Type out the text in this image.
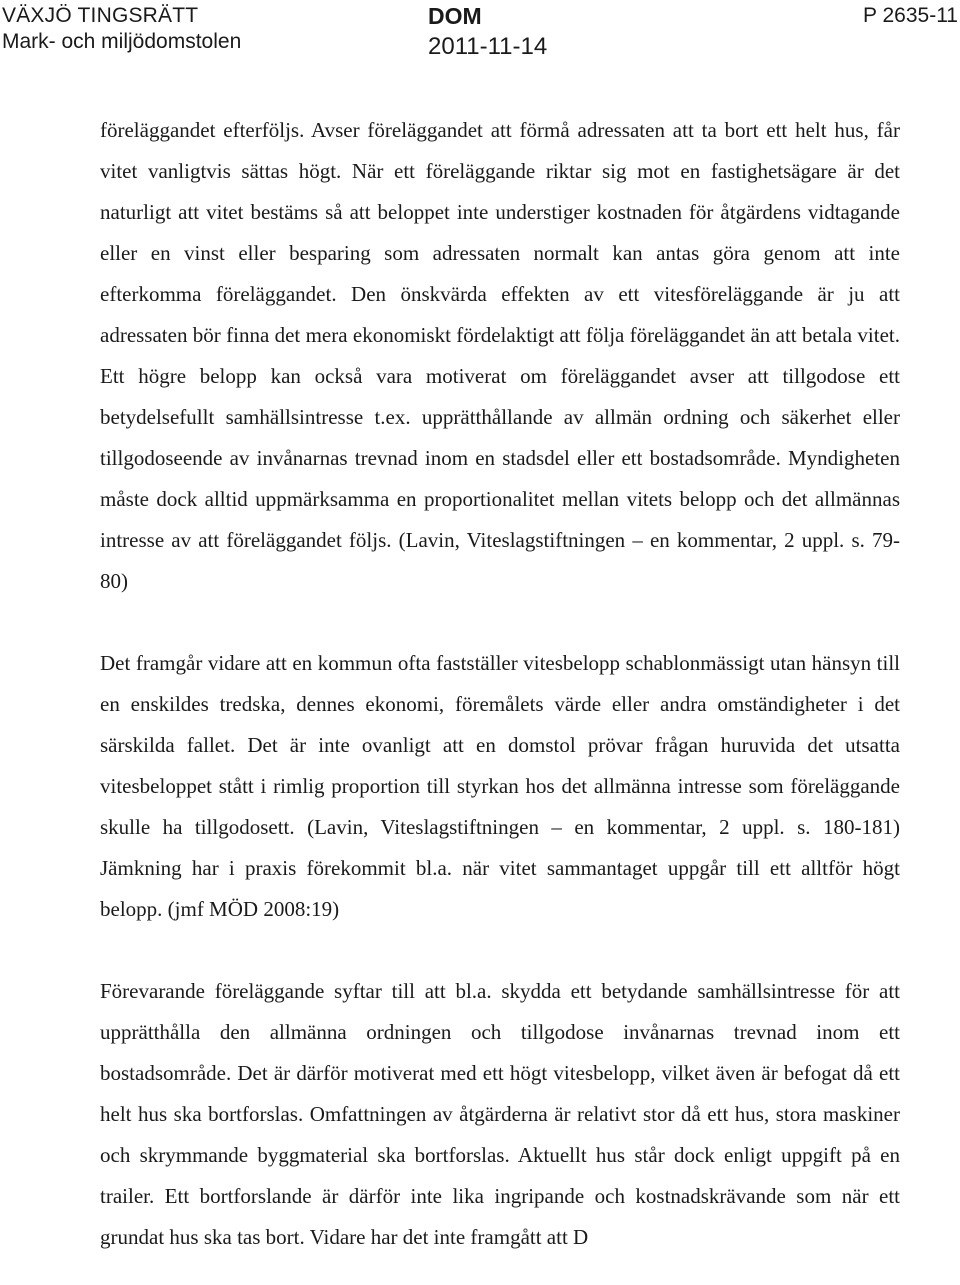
VÄXJÖ TINGSRÄTT
Mark- och miljödomstolen
DOM
2011-11-14
P 2635-11

föreläggandet efterföljs. Avser föreläggandet att förmå adressaten att ta bort ett helt hus, får vitet vanligtvis sättas högt. När ett föreläggande riktar sig mot en fastighetsägare är det naturligt att vitet bestäms så att beloppet inte understiger kostnaden för åtgärdens vidtagande eller en vinst eller besparing som adressaten normalt kan antas göra genom att inte efterkomma föreläggandet. Den önskvärda effekten av ett vitesföreläggande är ju att adressaten bör finna det mera ekonomiskt fördelaktigt att följa föreläggandet än att betala vitet. Ett högre belopp kan också vara motiverat om föreläggandet avser att tillgodose ett betydelsefullt samhällsintresse t.ex. upprätthållande av allmän ordning och säkerhet eller tillgodoseende av invånarnas trevnad inom en stadsdel eller ett bostadsområde. Myndigheten måste dock alltid uppmärksamma en proportionalitet mellan vitets belopp och det allmännas intresse av att föreläggandet följs. (Lavin, Viteslagstiftningen – en kommentar, 2 uppl. s. 79-80)

Det framgår vidare att en kommun ofta fastställer vitesbelopp schablonmässigt utan hänsyn till en enskildes tredska, dennes ekonomi, föremålets värde eller andra omständigheter i det särskilda fallet. Det är inte ovanligt att en domstol prövar frågan huruvida det utsatta vitesbeloppet stått i rimlig proportion till styrkan hos det allmänna intresse som föreläggande skulle ha tillgodosett. (Lavin, Viteslagstiftningen – en kommentar, 2 uppl. s. 180-181) Jämkning har i praxis förekommit bl.a. när vitet sammantaget uppgår till ett alltför högt belopp. (jmf MÖD 2008:19)

Förevarande föreläggande syftar till att bl.a. skydda ett betydande samhällsintresse för att upprätthålla den allmänna ordningen och tillgodose invånarnas trevnad inom ett bostadsområde. Det är därför motiverat med ett högt vitesbelopp, vilket även är befogat då ett helt hus ska bortforslas. Omfattningen av åtgärderna är relativt stor då ett hus, stora maskiner och skrymmande byggmaterial ska bortforslas. Aktuellt hus står dock enligt uppgift på en trailer. Ett bortforslande är därför inte lika ingripande och kostnadskrävande som när ett grundat hus ska tas bort. Vidare har det inte framgått att D
